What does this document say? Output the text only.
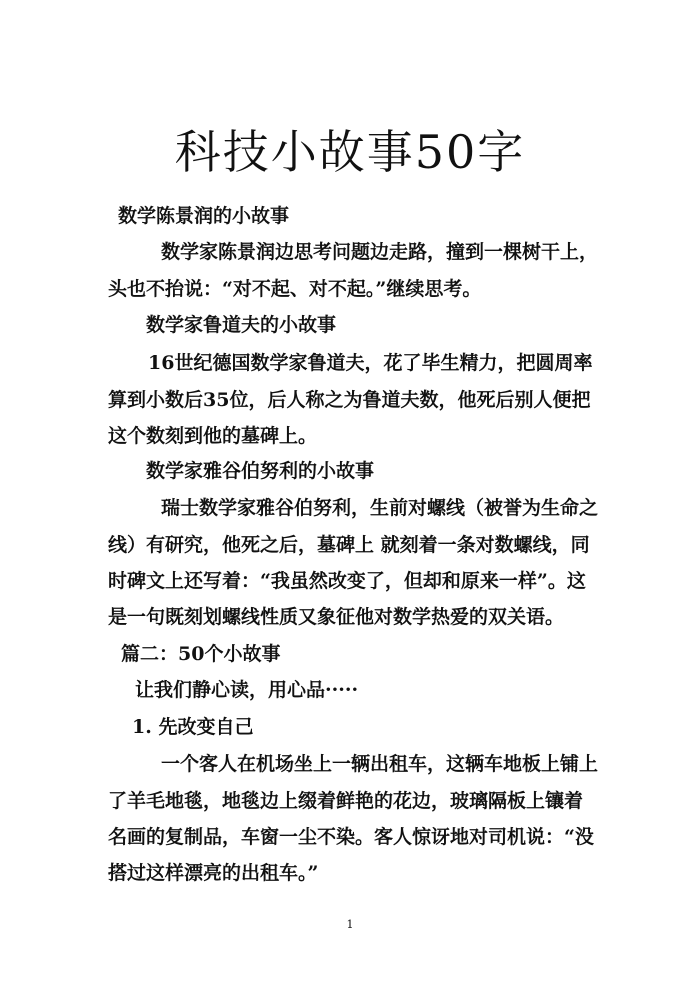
科技小故事50字
数学陈景润的小故事
数学家陈景润边思考问题边走路，撞到一棵树干上，
头也不抬说：“对不起、对不起。”继续思考。
数学家鲁道夫的小故事
16世纪德国数学家鲁道夫，花了毕生精力，把圆周率
算到小数后35位，后人称之为鲁道夫数，他死后别人便把
这个数刻到他的墓碑上。
数学家雅谷伯努利的小故事
瑞士数学家雅谷伯努利，生前对螺线（被誉为生命之
线）有研究，他死之后，墓碑上 就刻着一条对数螺线，同
时碑文上还写着：“我虽然改变了，但却和原来一样”。这
是一句既刻划螺线性质又象征他对数学热爱的双关语。
篇二：50个小故事
让我们静心读，用心品·····
1. 先改变自己
一个客人在机场坐上一辆出租车，这辆车地板上铺上
了羊毛地毯，地毯边上缀着鲜艳的花边，玻璃隔板上镶着
名画的复制品，车窗一尘不染。客人惊讶地对司机说：“没
搭过这样漂亮的出租车。”
1
